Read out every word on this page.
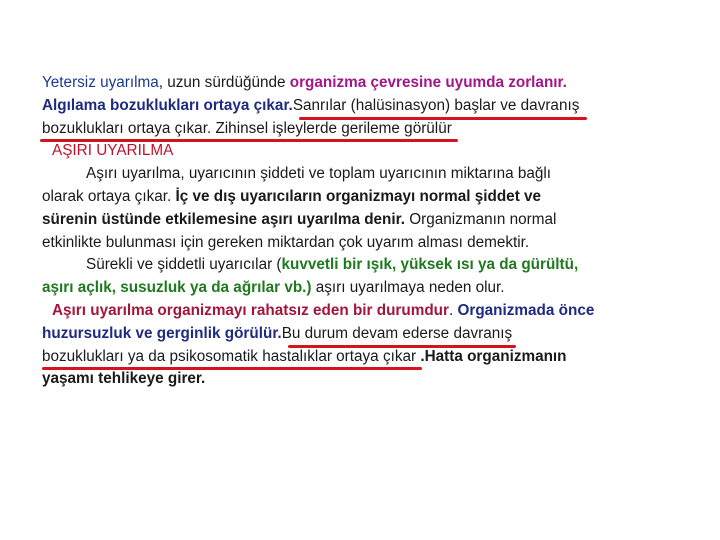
Yetersiz uyarılma, uzun sürdüğünde organizma çevresine uyumda zorlanır.
Algılama bozuklukları ortaya çıkar.Sanrılar (halüsinasyon) başlar ve davranış
bozuklukları ortaya çıkar. Zihinsel işleylerde gerileme görülür
AŞIRI UYARILMA
Aşırı uyarılma, uyarıcının şiddeti ve toplam uyarıcının miktarına bağlı
olarak ortaya çıkar. İç ve dış uyarıcıların organizmayı normal şiddet ve
sürenin üstünde etkilemesine aşırı uyarılma denir. Organizmanın normal
etkinlikte bulunması için gereken miktardan çok uyarım alması demektir.
Sürekli ve şiddetli uyarıcılar (kuvvetli bir ışık, yüksek ısı ya da gürültü,
aşırı açlık, susuzluk ya da ağrılar vb.) aşırı uyarılmaya neden olur.
Aşırı uyarılma organizmayı rahatsız eden bir durumdur. Organizmada önce
huzursuzluk ve gerginlik görülür.Bu durum devam ederse davranış
bozuklukları ya da psikosomatik hastalıklar ortaya çıkar
.Hatta organizmanın
yaşamı tehlikeye girer.
